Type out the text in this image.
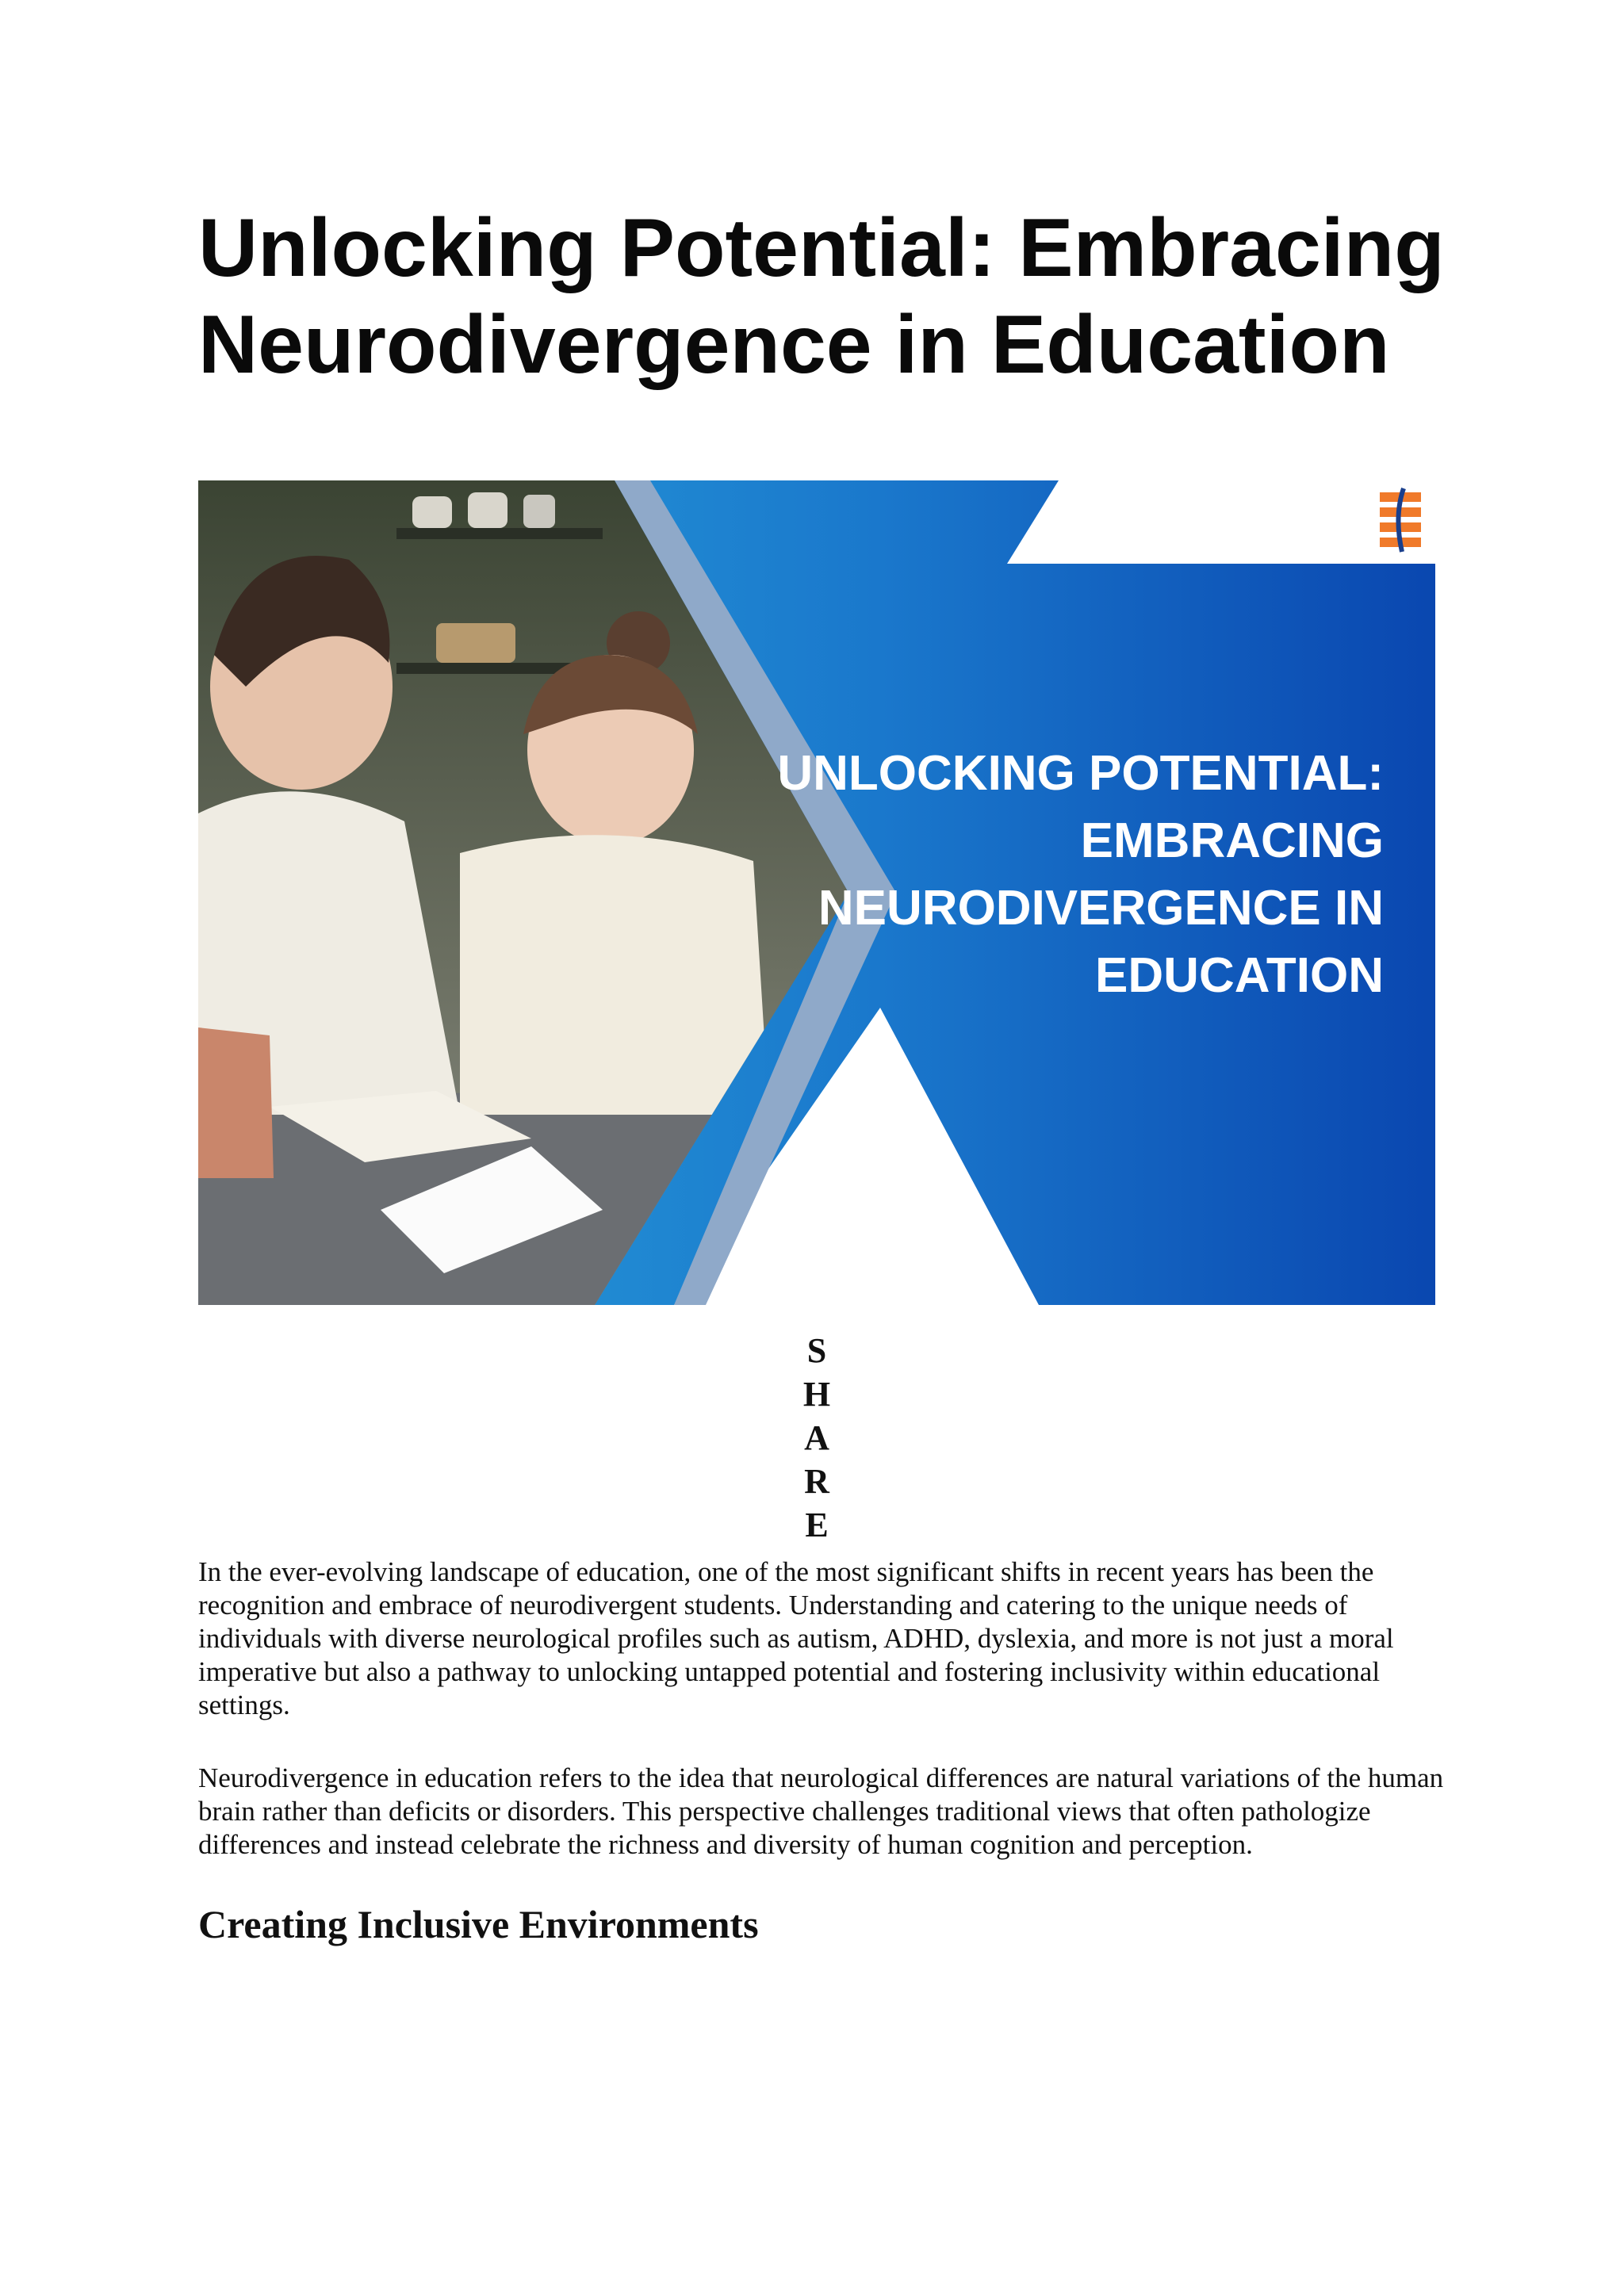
Unlocking Potential: Embracing Neurodivergence in Education
UNLOCKING POTENTIAL:
EMBRACING
NEURODIVERGENCE IN
EDUCATION
S
H
A
R
E

In the ever-evolving landscape of education, one of the most significant shifts in recent years has been the recognition and embrace of neurodivergent students. Understanding and catering to the unique needs of individuals with diverse neurological profiles such as autism, ADHD, dyslexia, and more is not just a moral imperative but also a pathway to unlocking untapped potential and fostering inclusivity within educational settings.

Neurodivergence in education refers to the idea that neurological differences are natural variations of the human brain rather than deficits or disorders. This perspective challenges traditional views that often pathologize differences and instead celebrate the richness and diversity of human cognition and perception.

Creating Inclusive Environments
